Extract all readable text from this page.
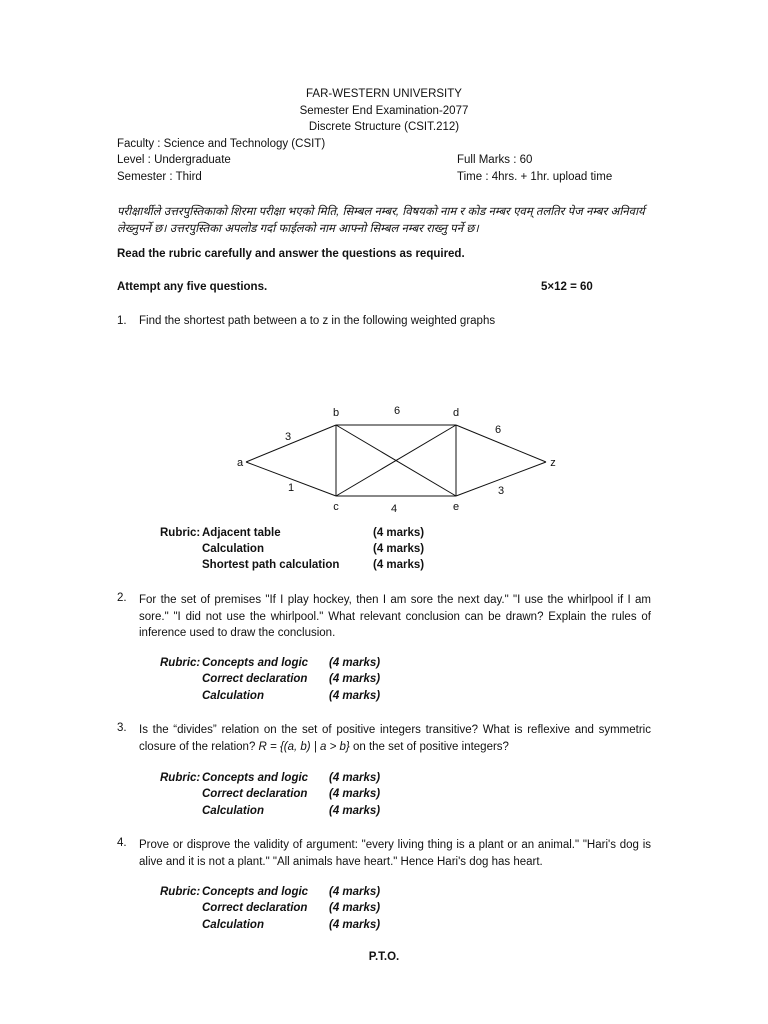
FAR-WESTERN UNIVERSITY
Semester End Examination-2077
Discrete Structure (CSIT.212)
Faculty : Science and Technology (CSIT)
Level : Undergraduate
Semester : Third
Full Marks : 60
Time : 4hrs. + 1hr. upload time
परीक्षार्थीले उत्तरपुस्तिकाको शिरमा परीक्षा भएको मिति, सिम्बल नम्बर, विषयको नाम र कोड नम्बर एवम् तलतिर पेज नम्बर अनिवार्य लेख्नुपर्ने छ। उत्तरपुस्तिका अपलोड गर्दा फाईलको नाम आफ्नो सिम्बल नम्बर राख्नु पर्ने छ।
Read the rubric carefully and answer the questions as required.
Attempt any five questions.	5×12 = 60
1. Find the shortest path between a to z in the following weighted graphs
3
1
6
4
6
3
a
b
c
d
e
z
Rubric: Adjacent table	(4 marks)
Calculation	(4 marks)
Shortest path calculation	(4 marks)
2. For the set of premises "If I play hockey, then I am sore the next day." "I use the whirlpool if I am sore." "I did not use the whirlpool." What relevant conclusion can be drawn? Explain the rules of inference used to draw the conclusion.
Rubric: Concepts and logic (4 marks)
Correct declaration (4 marks)
Calculation	(4 marks)
3. Is the “divides” relation on the set of positive integers transitive? What is reflexive and symmetric closure of the relation? R = {(a, b) | a > b} on the set of positive integers?
Rubric: Concepts and logic (4 marks)
Correct declaration (4 marks)
Calculation	(4 marks)
4. Prove or disprove the validity of argument: "every living thing is a plant or an animal." "Hari's dog is alive and it is not a plant." "All animals have heart." Hence Hari's dog has heart.
Rubric: Concepts and logic (4 marks)
Correct declaration (4 marks)
Calculation	(4 marks)
P.T.O.
